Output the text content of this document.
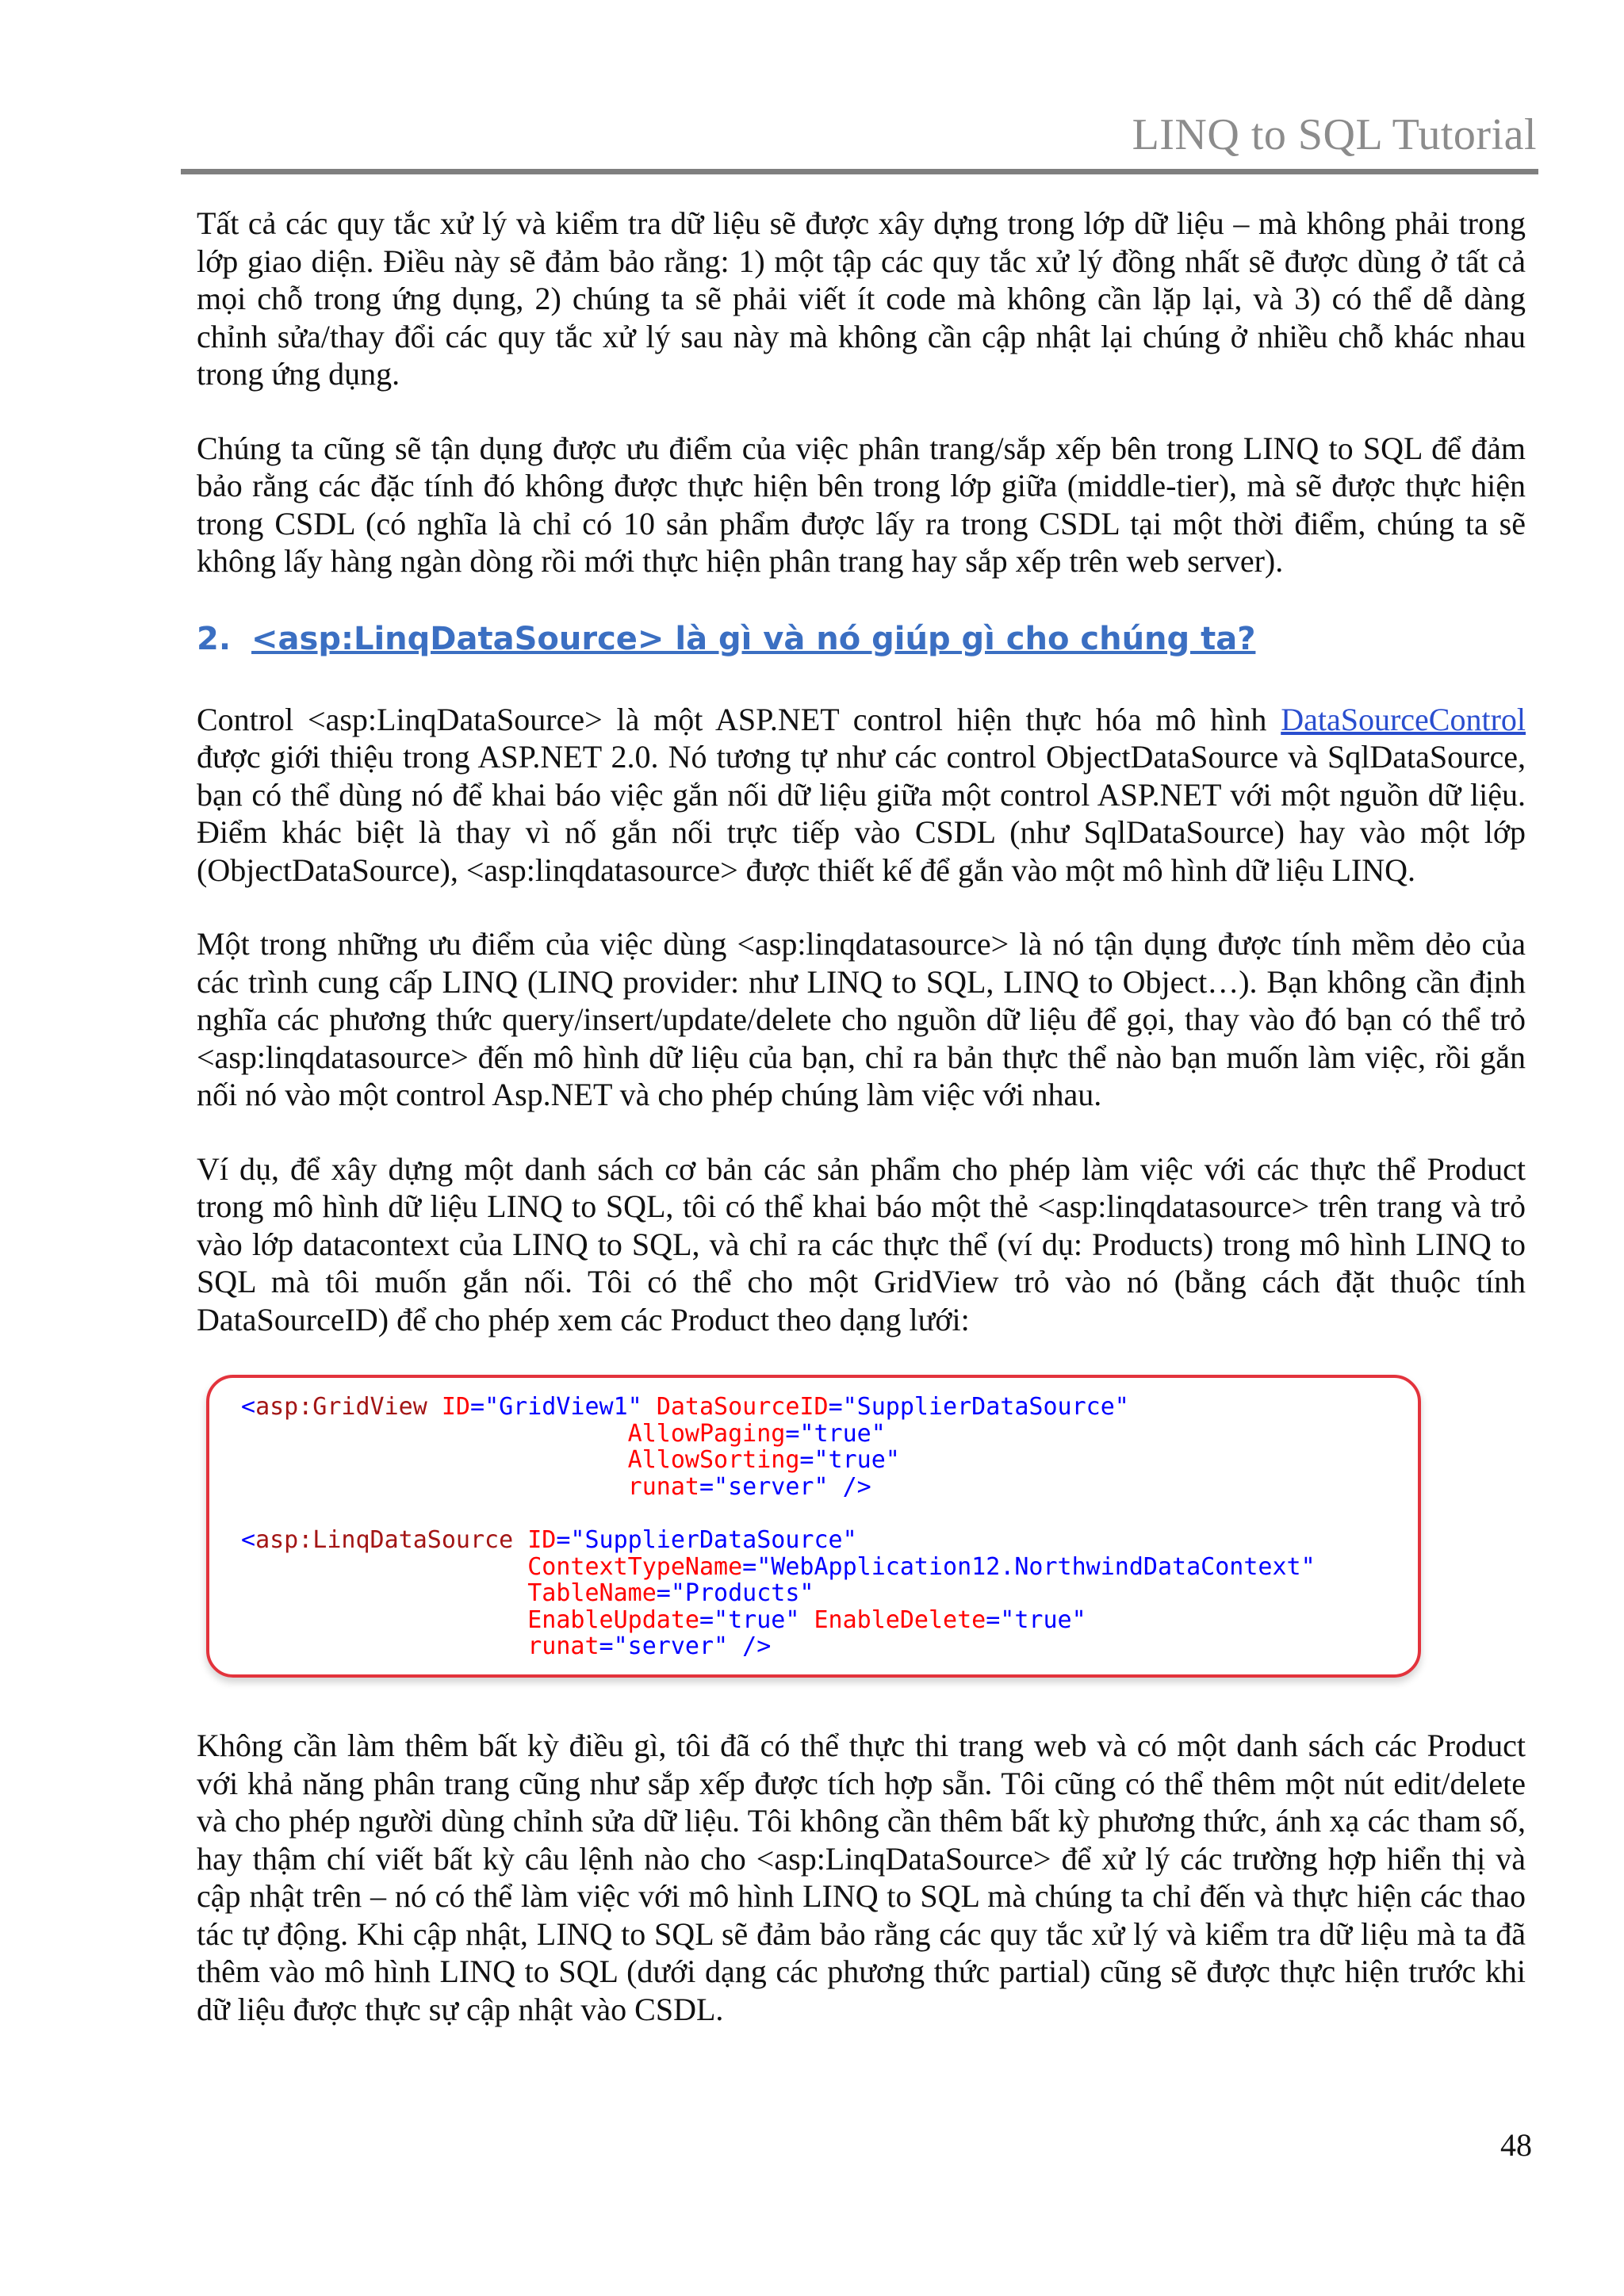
LINQ to SQL Tutorial

Tất cả các quy tắc xử lý và kiểm tra dữ liệu sẽ được xây dựng trong lớp dữ liệu – mà không phải trong lớp giao diện. Điều này sẽ đảm bảo rằng: 1) một tập các quy tắc xử lý đồng nhất sẽ được dùng ở tất cả mọi chỗ trong ứng dụng, 2) chúng ta sẽ phải viết ít code mà không cần lặp lại, và 3) có thể dễ dàng chỉnh sửa/thay đổi các quy tắc xử lý sau này mà không cần cập nhật lại chúng ở nhiều chỗ khác nhau trong ứng dụng.

Chúng ta cũng sẽ tận dụng được ưu điểm của việc phân trang/sắp xếp bên trong LINQ to SQL để đảm bảo rằng các đặc tính đó không được thực hiện bên trong lớp giữa (middle-tier), mà sẽ được thực hiện trong CSDL (có nghĩa là chỉ có 10 sản phẩm được lấy ra trong CSDL tại một thời điểm, chúng ta sẽ không lấy hàng ngàn dòng rồi mới thực hiện phân trang hay sắp xếp trên web server).

2. <asp:LinqDataSource> là gì và nó giúp gì cho chúng ta?

Control <asp:LinqDataSource> là một ASP.NET control hiện thực hóa mô hình DataSourceControl được giới thiệu trong ASP.NET 2.0. Nó tương tự như các control ObjectDataSource và SqlDataSource, bạn có thể dùng nó để khai báo việc gắn nối dữ liệu giữa một control ASP.NET với một nguồn dữ liệu. Điểm khác biệt là thay vì nố gắn nối trực tiếp vào CSDL (như SqlDataSource) hay vào một lớp (ObjectDataSource), <asp:linqdatasource> được thiết kế để gắn vào một mô hình dữ liệu LINQ.

Một trong những ưu điểm của việc dùng <asp:linqdatasource> là nó tận dụng được tính mềm dẻo của các trình cung cấp LINQ (LINQ provider: như LINQ to SQL, LINQ to Object…). Bạn không cần định nghĩa các phương thức query/insert/update/delete cho nguồn dữ liệu để gọi, thay vào đó bạn có thể trỏ <asp:linqdatasource> đến mô hình dữ liệu của bạn, chỉ ra bản thực thể nào bạn muốn làm việc, rồi gắn nối nó vào một control Asp.NET và cho phép chúng làm việc với nhau.

Ví dụ, để xây dựng một danh sách cơ bản các sản phẩm cho phép làm việc với các thực thể Product trong mô hình dữ liệu LINQ to SQL, tôi có thể khai báo một thẻ <asp:linqdatasource> trên trang và trỏ vào lớp datacontext của LINQ to SQL, và chỉ ra các thực thể (ví dụ: Products) trong mô hình LINQ to SQL mà tôi muốn gắn nối. Tôi có thể cho một GridView trỏ vào nó (bằng cách đặt thuộc tính DataSourceID) để cho phép xem các Product theo dạng lưới:

<asp:GridView ID="GridView1" DataSourceID="SupplierDataSource"
AllowPaging="true"
AllowSorting="true"
runat="server" />

<asp:LinqDataSource ID="SupplierDataSource"
ContextTypeName="WebApplication12.NorthwindDataContext"
TableName="Products"
EnableUpdate="true" EnableDelete="true"
runat="server" />

Không cần làm thêm bất kỳ điều gì, tôi đã có thể thực thi trang web và có một danh sách các Product với khả năng phân trang cũng như sắp xếp được tích hợp sẵn. Tôi cũng có thể thêm một nút edit/delete và cho phép người dùng chỉnh sửa dữ liệu. Tôi không cần thêm bất kỳ phương thức, ánh xạ các tham số, hay thậm chí viết bất kỳ câu lệnh nào cho <asp:LinqDataSource> để xử lý các trường hợp hiển thị và cập nhật trên – nó có thể làm việc với mô hình LINQ to SQL mà chúng ta chỉ đến và thực hiện các thao tác tự động. Khi cập nhật, LINQ to SQL sẽ đảm bảo rằng các quy tắc xử lý và kiểm tra dữ liệu mà ta đã thêm vào mô hình LINQ to SQL (dưới dạng các phương thức partial) cũng sẽ được thực hiện trước khi dữ liệu được thực sự cập nhật vào CSDL.

48
